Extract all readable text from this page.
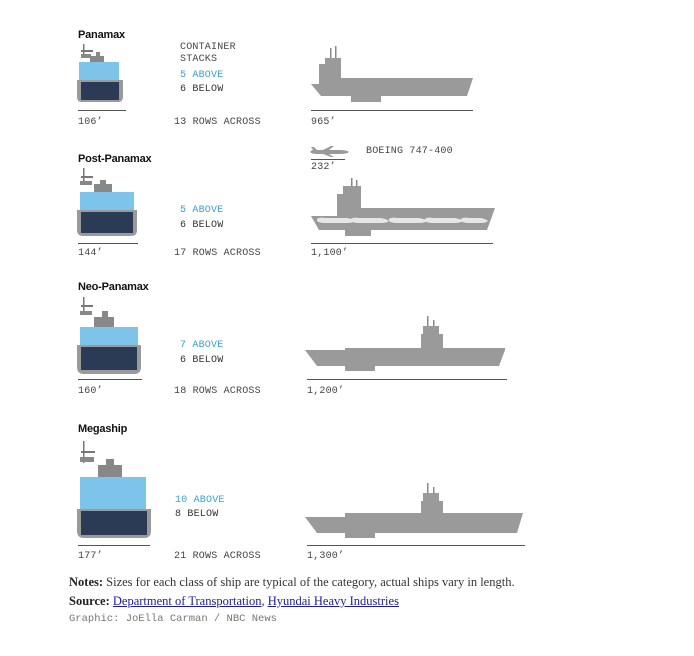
Panamax
CONTAINER
STACKS
5 ABOVE
6 BELOW
106’	13 ROWS ACROSS	965’
Post-Panamax
BOEING 747-400
232’
5 ABOVE
6 BELOW
144’	17 ROWS ACROSS	1,100’
Neo-Panamax
7 ABOVE
6 BELOW
160’	18 ROWS ACROSS	1,200’
Megaship
10 ABOVE
8 BELOW
177’	21 ROWS ACROSS	1,300’
Notes: Sizes for each class of ship are typical of the category, actual ships vary in length.
Source: Department of Transportation, Hyundai Heavy Industries
Graphic: JoElla Carman / NBC News
